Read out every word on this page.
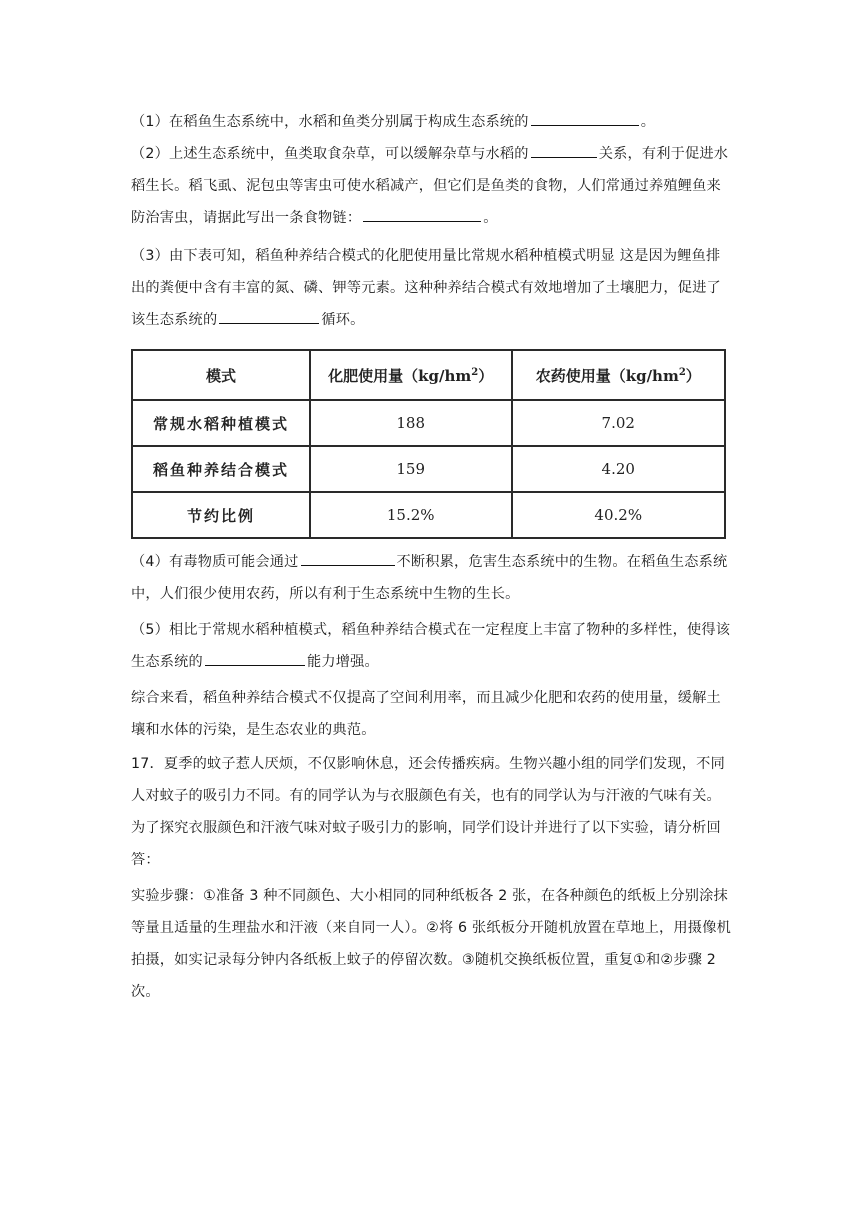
（1）在稻鱼生态系统中，水稻和鱼类分别属于构成生态系统的	。

（2）上述生态系统中，鱼类取食杂草，可以缓解杂草与水稻的	关系，有利于促进水稻生长。稻飞虱、泥包虫等害虫可使水稻减产，但它们是鱼类的食物，人们常通过养殖鲤鱼来防治害虫，请据此写出一条食物链：	。

（3）由下表可知，稻鱼种养结合模式的化肥使用量比常规水稻种植模式明显 这是因为鲤鱼排出的粪便中含有丰富的氮、磷、钾等元素。这种种养结合模式有效地增加了土壤肥力，促进了该生态系统的	循环。

模式	化肥使用量$(kg/hm^2)$	农药使用量$(kg/hm^2)$
常规水稻种植模式	188	7.02
稻鱼种养结合模式	159	4.20
节约比例	15.2%	40.2%

（4）有毒物质可能会通过	不断积累，危害生态系统中的生物。在稻鱼生态系统中，人们很少使用农药，所以有利于生态系统中生物的生长。

（5）相比于常规水稻种植模式，稻鱼种养结合模式在一定程度上丰富了物种的多样性，使得该生态系统的	能力增强。

综合来看，稻鱼种养结合模式不仅提高了空间利用率，而且减少化肥和农药的使用量，缓解土壤和水体的污染，是生态农业的典范。

17．夏季的蚊子惹人厌烦，不仅影响休息，还会传播疾病。生物兴趣小组的同学们发现，不同人对蚊子的吸引力不同。有的同学认为与衣服颜色有关，也有的同学认为与汗液的气味有关。为了探究衣服颜色和汗液气味对蚊子吸引力的影响，同学们设计并进行了以下实验，请分析回答：

实验步骤：①准备 3 种不同颜色、大小相同的同种纸板各 2 张，在各种颜色的纸板上分别涂抹等量且适量的生理盐水和汗液（来自同一人）。②将 6 张纸板分开随机放置在草地上，用摄像机拍摄，如实记录每分钟内各纸板上蚊子的停留次数。③随机交换纸板位置，重复①和②步骤 2 次。
